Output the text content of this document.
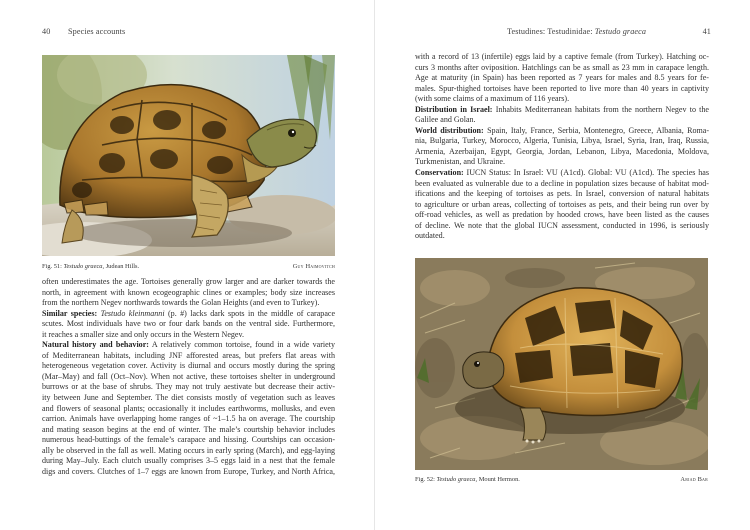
40 Species accounts
Fig. 51: Testudo graeca, Judean Hills.	Guy Haimovitch
often underestimates the age. Tortoises generally grow larger and are darker towards the
north, in agreement with known ecogeographic clines or examples; body size increases
from the northern Negev northwards towards the Golan Heights (and even to Turkey).
Similar species: Testudo kleinmanni (p. #) lacks dark spots in the middle of carapace
scutes. Most individuals have two or four dark bands on the ventral side. Furthermore,
it reaches a smaller size and only occurs in the Western Negev.
Natural history and behavior: A relatively common tortoise, found in a wide variety
of Mediterranean habitats, including JNF afforested areas, but prefers flat areas with
heterogeneous vegetation cover. Activity is diurnal and occurs mostly during the spring
(Mar–May) and fall (Oct–Nov). When not active, these tortoises shelter in underground
burrows or at the base of shrubs. They may not truly aestivate but decrease their activ-
ity between June and September. The diet consists mostly of vegetation such as leaves
and flowers of seasonal plants; occasionally it includes earthworms, mollusks, and even
carrion. Animals have overlapping home ranges of ~1–1.5 ha on average. The courtship
and mating season begins at the end of winter. The male’s courtship behavior includes
numerous head-buttings of the female’s carapace and hissing. Courtships can occasion-
ally be observed in the fall as well. Mating occurs in early spring (March), and egg-laying
during May–July. Each clutch usually comprises 3–5 eggs laid in a nest that the female
digs and covers. Clutches of 1–7 eggs are known from Europe, Turkey, and North Africa,
Testudines: Testudinidae: Testudo graeca	41
with a record of 13 (infertile) eggs laid by a captive female (from Turkey). Hatching oc-
curs 3 months after oviposition. Hatchlings can be as small as 23 mm in carapace length.
Age at maturity (in Spain) has been reported as 7 years for males and 8.5 years for fe-
males. Spur-thighed tortoises have been reported to live more than 40 years in captivity
(with some claims of a maximum of 116 years).
Distribution in Israel: Inhabits Mediterranean habitats from the northern Negev to the
Galilee and Golan.
World distribution: Spain, Italy, France, Serbia, Montenegro, Greece, Albania, Roma-
nia, Bulgaria, Turkey, Morocco, Algeria, Tunisia, Libya, Israel, Syria, Iran, Iraq, Russia,
Armenia, Azerbaijan, Egypt, Georgia, Jordan, Lebanon, Libya, Macedonia, Moldova,
Turkmenistan, and Ukraine.
Conservation: IUCN Status: In Israel: VU (A1cd). Global: VU (A1cd). The species has
been evaluated as vulnerable due to a decline in population sizes because of habitat mod-
ifications and the keeping of tortoises as pets. In Israel, conversion of natural habitats
to agriculture or urban areas, collecting of tortoises as pets, and their being run over by
off-road vehicles, as well as predation by hooded crows, have been listed as the causes
of decline. We note that the global IUCN assessment, conducted in 1996, is seriously
outdated.
Fig. 52: Testudo graeca, Mount Hermon.	Ariad Bar
